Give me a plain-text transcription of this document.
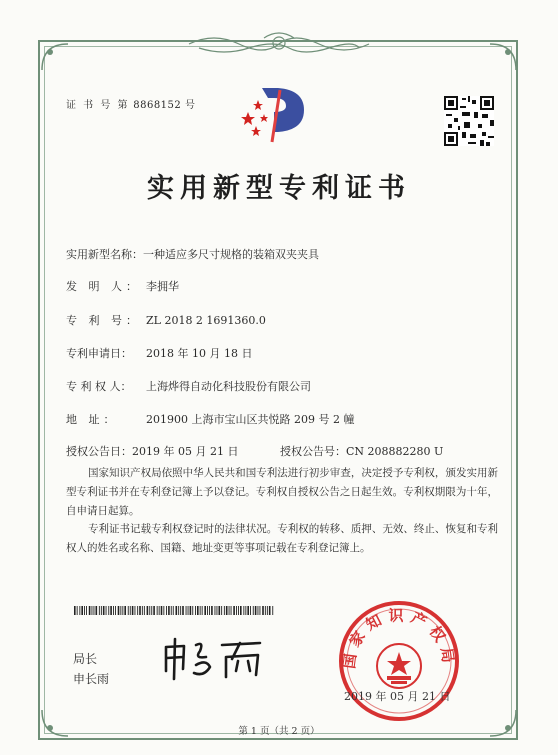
证 书 号 第 8868152 号
实用新型专利证书
实用新型名称：一种适应多尺寸规格的装箱双夹夹具
发 明 人： 李拥华
专 利 号： ZL 2018 2 1691360.0
专利申请日： 2018 年 10 月 18 日
专 利 权 人： 上海烨得自动化科技股份有限公司
地 址：	201900 上海市宝山区共悦路 209 号 2 幢
授权公告日：2019 年 05 月 21 日	授权公告号：CN 208882280 U
国家知识产权局依照中华人民共和国专利法进行初步审查，决定授予专利权，颁发实用新型专利证书并在专利登记簿上予以登记。专利权自授权公告之日起生效。专利权期限为十年，自申请日起算。
专利证书记载专利权登记时的法律状况。专利权的转移、质押、无效、终止、恢复和专利权人的姓名或名称、国籍、地址变更等事项记载在专利登记簿上。
局长
申长雨
国家知识产权局
2019 年 05 月 21 日
第 1 页（共 2 页）
